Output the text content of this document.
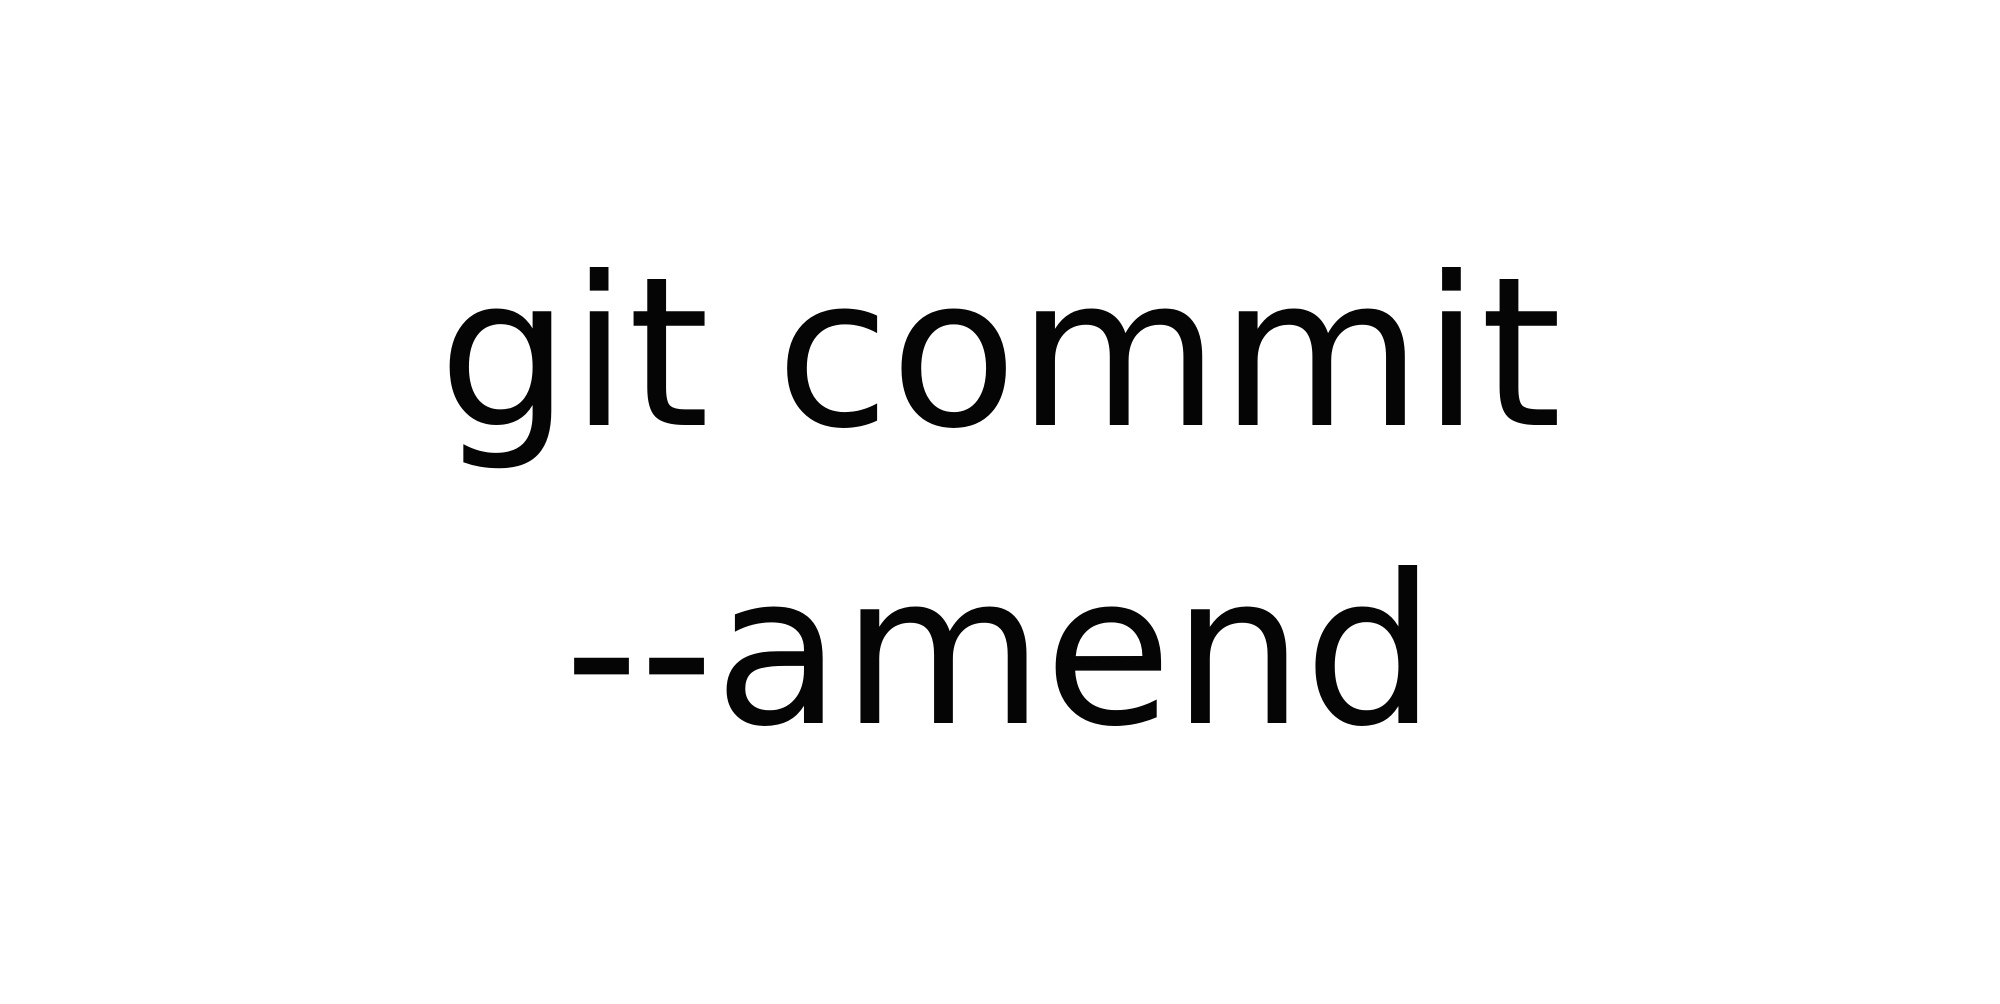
git commit
--amend
